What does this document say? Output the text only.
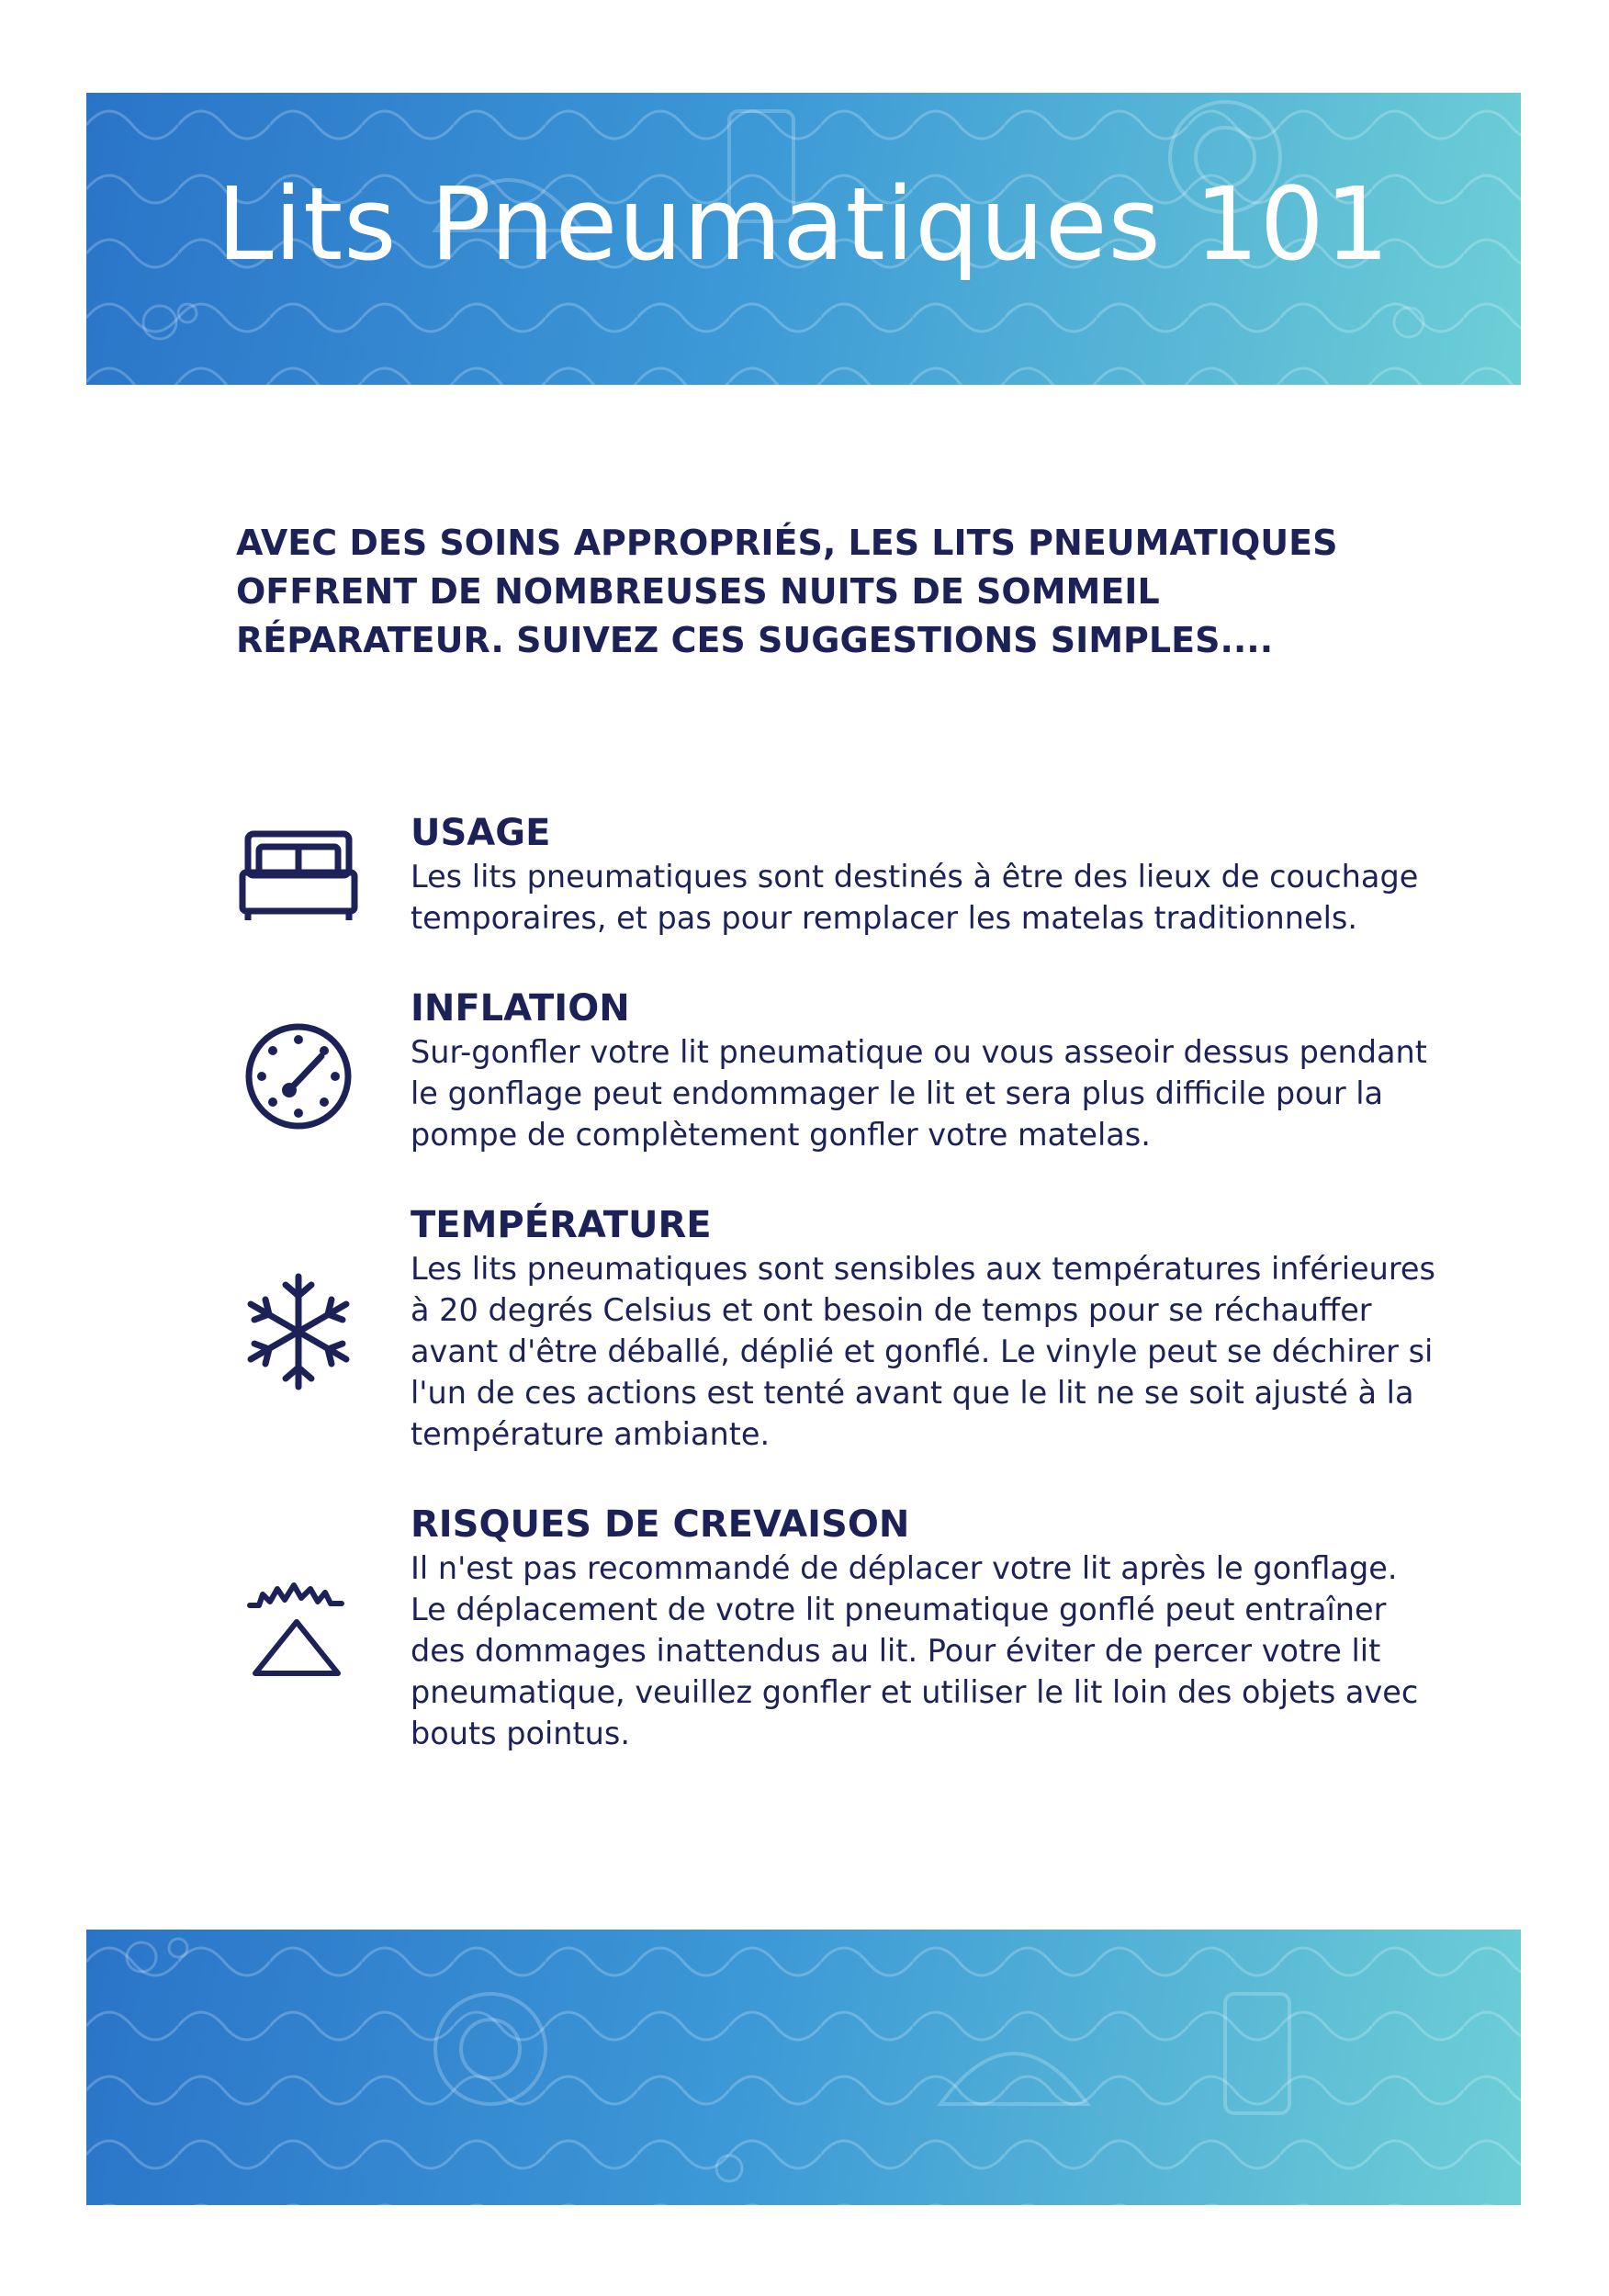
Lits Pneumatiques 101
AVEC DES SOINS APPROPRIÉS, LES LITS PNEUMATIQUES OFFRENT DE NOMBREUSES NUITS DE SOMMEIL RÉPARATEUR. SUIVEZ CES SUGGESTIONS SIMPLES....
USAGE

Les lits pneumatiques sont destinés à être des lieux de couchage temporaires, et pas pour remplacer les matelas traditionnels.

INFLATION

Sur-gonfler votre lit pneumatique ou vous asseoir dessus pendant le gonflage peut endommager le lit et sera plus difficile pour la pompe de complètement gonfler votre matelas.

TEMPÉRATURE

Les lits pneumatiques sont sensibles aux températures inférieures à 20 degrés Celsius et ont besoin de temps pour se réchauffer avant d'être déballé, déplié et gonflé. Le vinyle peut se déchirer si l'un de ces actions est tenté avant que le lit ne se soit ajusté à la température ambiante.

RISQUES DE CREVAISON

Il n'est pas recommandé de déplacer votre lit après le gonflage. Le déplacement de votre lit pneumatique gonflé peut entraîner des dommages inattendus au lit. Pour éviter de percer votre lit pneumatique, veuillez gonfler et utiliser le lit loin des objets avec bouts pointus.
